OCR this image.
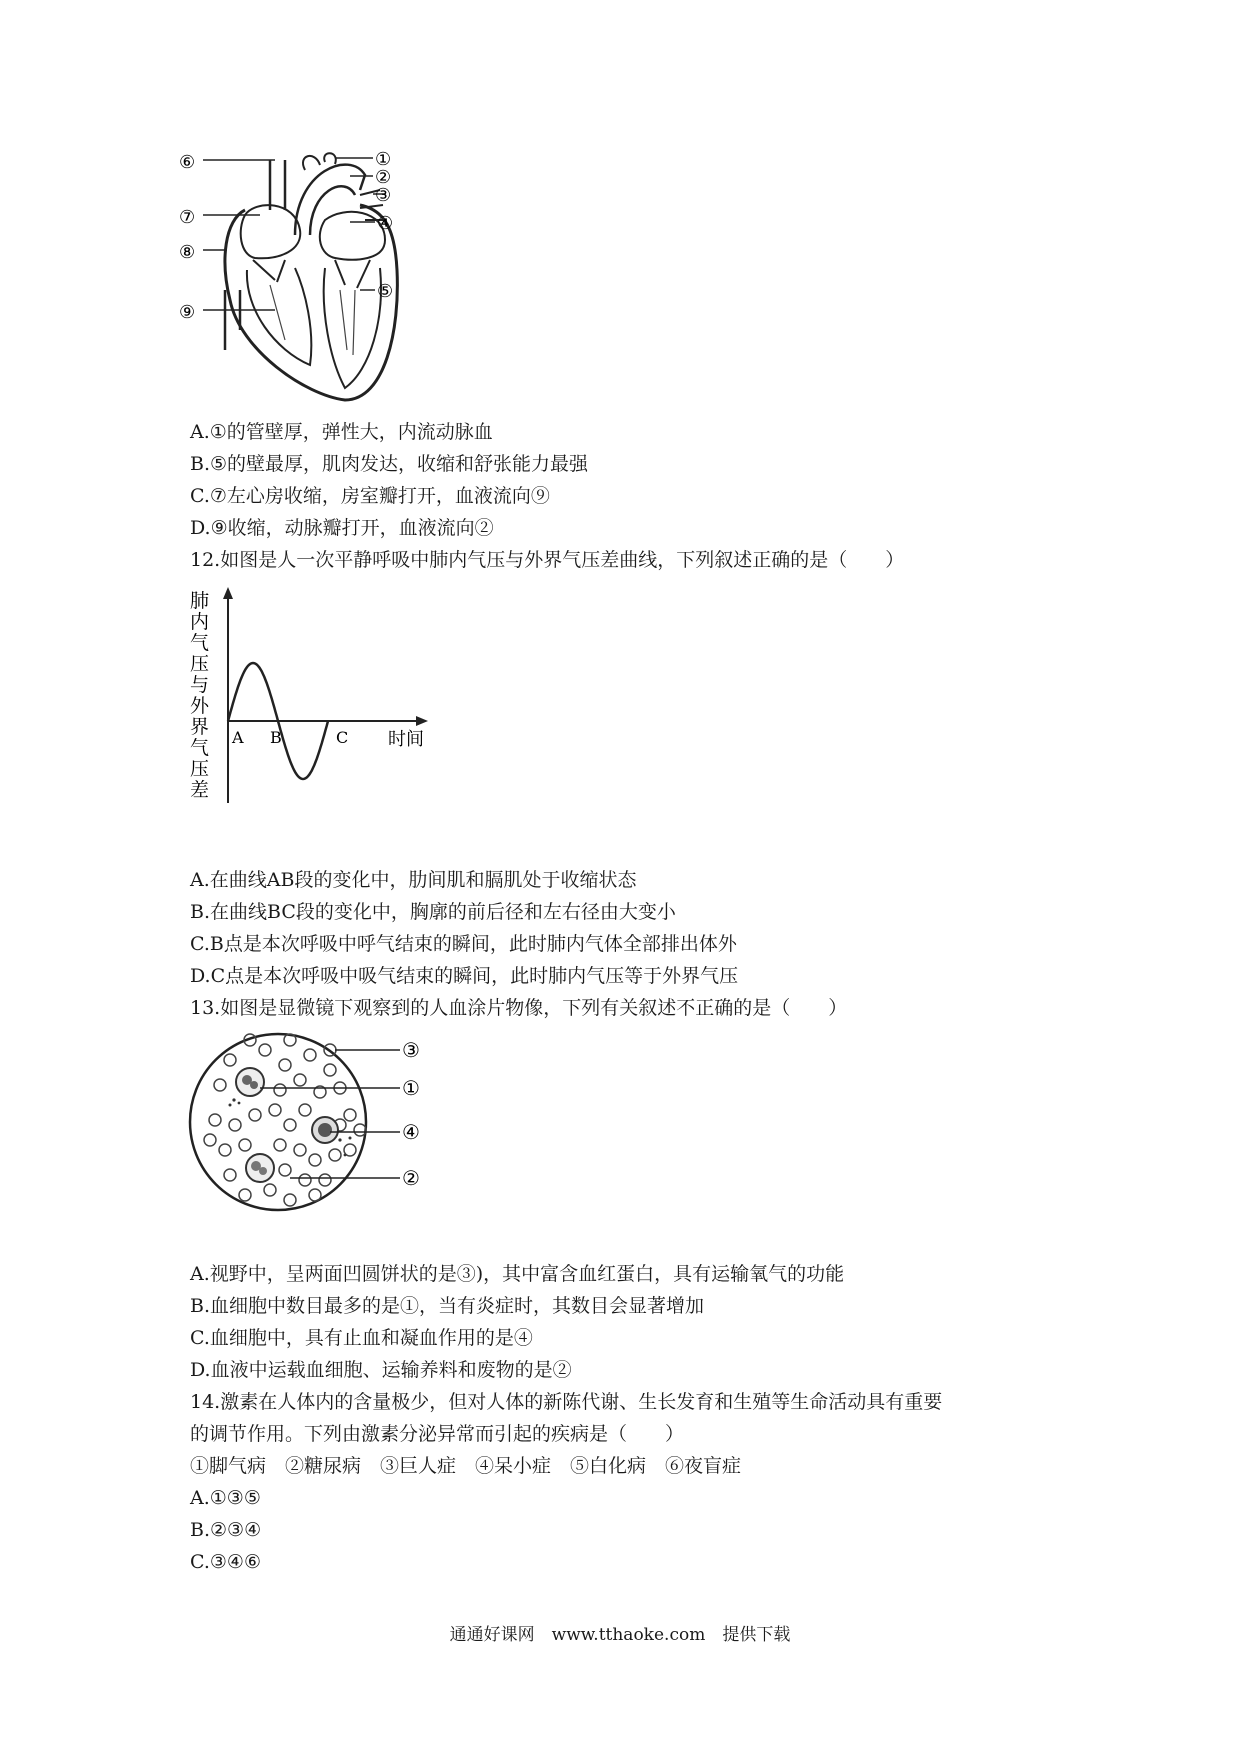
⑥
⑦
⑧
⑨
①
②
③
④
⑤
A.①的管壁厚，弹性大，内流动脉血
B.⑤的壁最厚，肌肉发达，收缩和舒张能力最强
C.⑦左心房收缩，房室瓣打开，血液流向⑨
D.⑨收缩，动脉瓣打开，血液流向②
12.如图是人一次平静呼吸中肺内气压与外界气压差曲线，下列叙述正确的是（　　）
肺
内
气
压
与
外
界
气
压
差
A B	C 时间
A.在曲线AB段的变化中，肋间肌和膈肌处于收缩状态
B.在曲线BC段的变化中，胸廓的前后径和左右径由大变小
C.B点是本次呼吸中呼气结束的瞬间，此时肺内气体全部排出体外
D.C点是本次呼吸中吸气结束的瞬间，此时肺内气压等于外界气压
13.如图是显微镜下观察到的人血涂片物像，下列有关叙述不正确的是（　　）
③
①
④
②
A.视野中，呈两面凹圆饼状的是③)，其中富含血红蛋白，具有运输氧气的功能
B.血细胞中数目最多的是①，当有炎症时，其数目会显著增加
C.血细胞中，具有止血和凝血作用的是④
D.血液中运载血细胞、运输养料和废物的是②
14.激素在人体内的含量极少，但对人体的新陈代谢、生长发育和生殖等生命活动具有重要
的调节作用。下列由激素分泌异常而引起的疾病是（　　）
①脚气病　②糖尿病　③巨人症　④呆小症　⑤白化病　⑥夜盲症
A.①③⑤
B.②③④
C.③④⑥
通通好课网　www.tthaoke.com　提供下载
